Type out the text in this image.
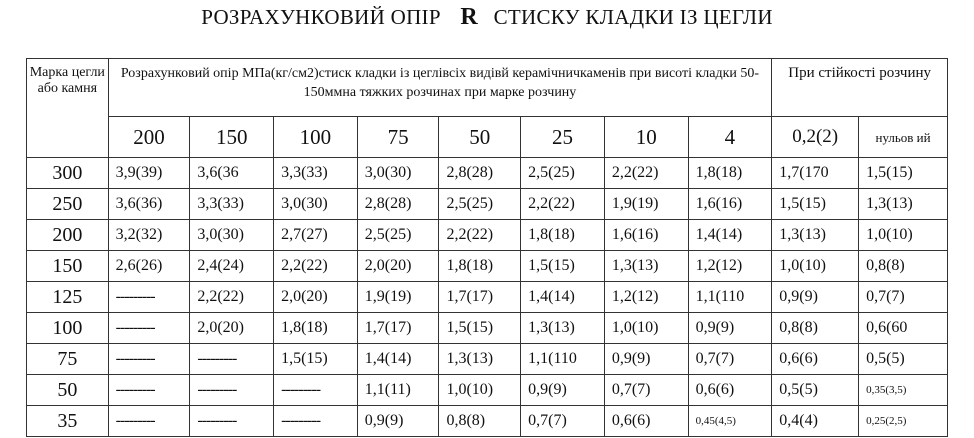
РОЗРАХУНКОВИЙ ОПІР R СТИСКУ КЛАДКИ ІЗ ЦЕГЛИ
Марка цегли або камня	Розрахунковий опір МПа(кг/см2)стиск кладки із цеглівсіх видівй керамічничкаменів при висоті кладки 50-150ммна тяжких розчинах при марке розчину								При стійкості розчину	
	200	150	100	75	50	25	10	4	0,2(2)	нульов ий
300	3,9(39)	3,6(36	3,3(33)	3,0(30)	2,8(28)	2,5(25)	2,2(22)	1,8(18)	1,7(170	1,5(15)
250	3,6(36)	3,3(33)	3,0(30)	2,8(28)	2,5(25)	2,2(22)	1,9(19)	1,6(16)	1,5(15)	1,3(13)
200	3,2(32)	3,0(30)	2,7(27)	2,5(25)	2,2(22)	1,8(18)	1,6(16)	1,4(14)	1,3(13)	1,0(10)
150	2,6(26)	2,4(24)	2,2(22)	2,0(20)	1,8(18)	1,5(15)	1,3(13)	1,2(12)	1,0(10)	0,8(8)
125	---------	2,2(22)	2,0(20)	1,9(19)	1,7(17)	1,4(14)	1,2(12)	1,1(110	0,9(9)	0,7(7)
100	---------	2,0(20)	1,8(18)	1,7(17)	1,5(15)	1,3(13)	1,0(10)	0,9(9)	0,8(8)	0,6(60
75	---------	---------	1,5(15)	1,4(14)	1,3(13)	1,1(110	0,9(9)	0,7(7)	0,6(6)	0,5(5)
50	---------	---------	---------	1,1(11)	1,0(10)	0,9(9)	0,7(7)	0,6(6)	0,5(5)	0,35(3,5)
35	---------	---------	---------	0,9(9)	0,8(8)	0,7(7)	0,6(6)	0,45(4,5)	0,4(4)	0,25(2,5)
